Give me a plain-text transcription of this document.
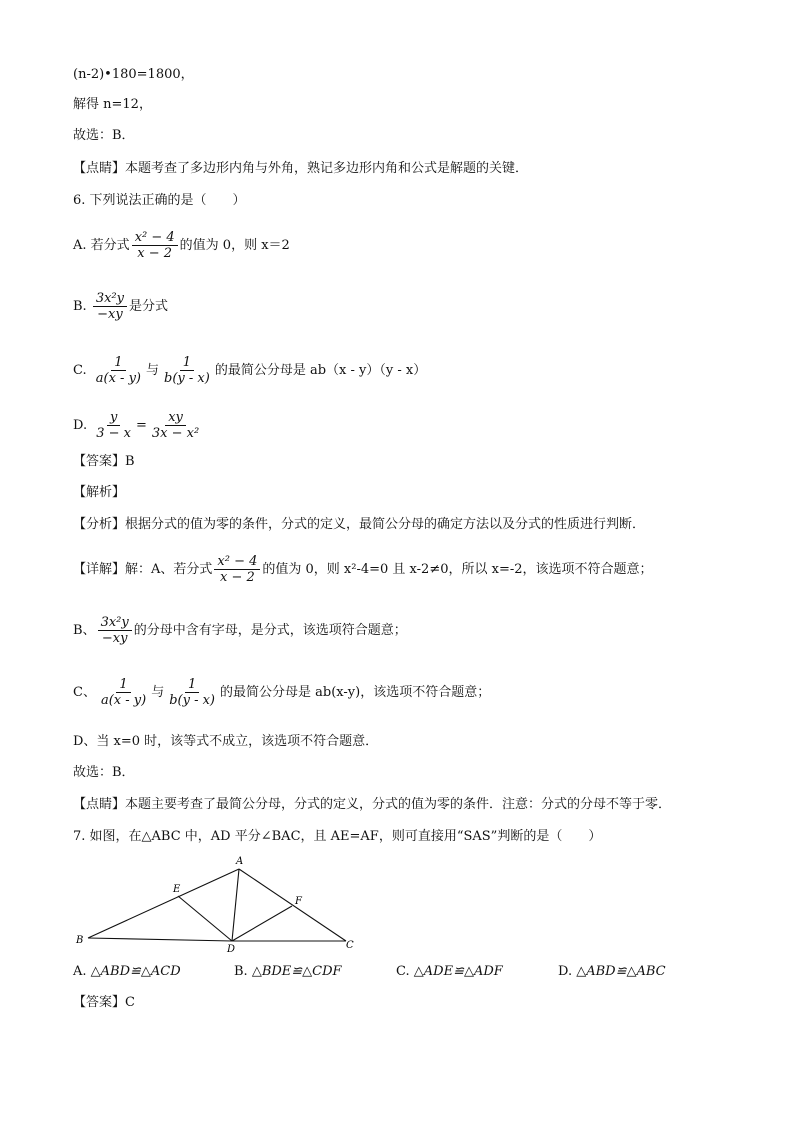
(n-2)•180=1800，
解得 n=12，
故选：B．
【点睛】本题考查了多边形内角与外角，熟记多边形内角和公式是解题的关键．
6. 下列说法正确的是（　　）
A. 若分式 $\frac{\text{x² − 4}}{x - 2}$ 的值为 0，则 x＝2
B. $\frac{\text{3x²y}}{-xy}$ 是分式
C. $\frac{1}{a(x - y)}$ 与 $\frac{1}{b(y - x)}$ 的最简公分母是 ab（x - y）（y - x）
D. $\frac{y}{3 - x} = \frac{xy}{\text{3x − x²}}$
【答案】B
【解析】
【分析】根据分式的值为零的条件，分式的定义，最简公分母的确定方法以及分式的性质进行判断．
【详解】解：A、若分式 $\frac{\text{x² − 4}}{x - 2}$ 的值为 0，则 x²-4=0 且 x-2≠0，所以 x=-2，该选项不符合题意；
B、 $\frac{\text{3x²y}}{-xy}$ 的分母中含有字母，是分式，该选项符合题意；
C、 $\frac{1}{a(x - y)}$ 与 $\frac{1}{b(y - x)}$ 的最简公分母是 ab(x-y)，该选项不符合题意；
D、当 x=0 时，该等式不成立，该选项不符合题意．
故选：B．
【点睛】本题主要考查了最简公分母，分式的定义，分式的值为零的条件．注意：分式的分母不等于零．
7. 如图，在△ABC 中，AD 平分∠BAC，且 AE=AF，则可直接用“SAS”判断的是（　　）
A
B	C
D
E
F
A. △ABD≌△ACD	B. △BDE≌△CDF	C. △ADE≌△ADF	D. △ABD≌△ABC
【答案】C
